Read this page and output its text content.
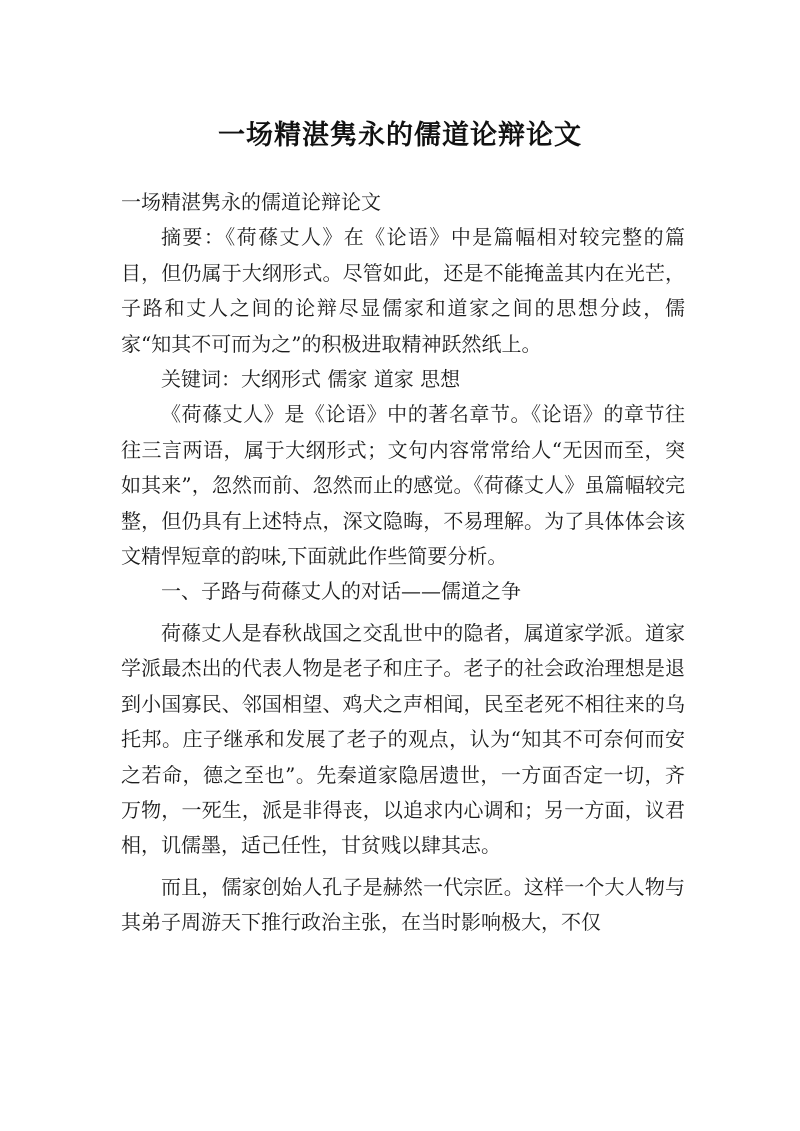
一场精湛隽永的儒道论辩论文

一场精湛隽永的儒道论辩论文

摘要：《荷蓧丈人》在《论语》中是篇幅相对较完整的篇目，但仍属于大纲形式。尽管如此，还是不能掩盖其内在光芒，子路和丈人之间的论辩尽显儒家和道家之间的思想分歧，儒家“知其不可而为之”的积极进取精神跃然纸上。

关键词：大纲形式 儒家 道家 思想

《荷蓧丈人》是《论语》中的著名章节。《论语》的章节往往三言两语，属于大纲形式；文句内容常常给人“无因而至，突如其来”，忽然而前、忽然而止的感觉。《荷蓧丈人》虽篇幅较完整，但仍具有上述特点，深文隐晦，不易理解。为了具体体会该文精悍短章的韵味,下面就此作些简要分析。

一、子路与荷蓧丈人的对话——儒道之争

荷蓧丈人是春秋战国之交乱世中的隐者，属道家学派。道家学派最杰出的代表人物是老子和庄子。老子的社会政治理想是退到小国寡民、邻国相望、鸡犬之声相闻，民至老死不相往来的乌托邦。庄子继承和发展了老子的观点，认为“知其不可奈何而安之若命，德之至也”。先秦道家隐居遗世，一方面否定一切，齐万物，一死生，派是非得丧，以追求内心调和；另一方面，议君相，讥儒墨，适己任性，甘贫贱以肆其志。

而且，儒家创始人孔子是赫然一代宗匠。这样一个大人物与其弟子周游天下推行政治主张，在当时影响极大，不仅
